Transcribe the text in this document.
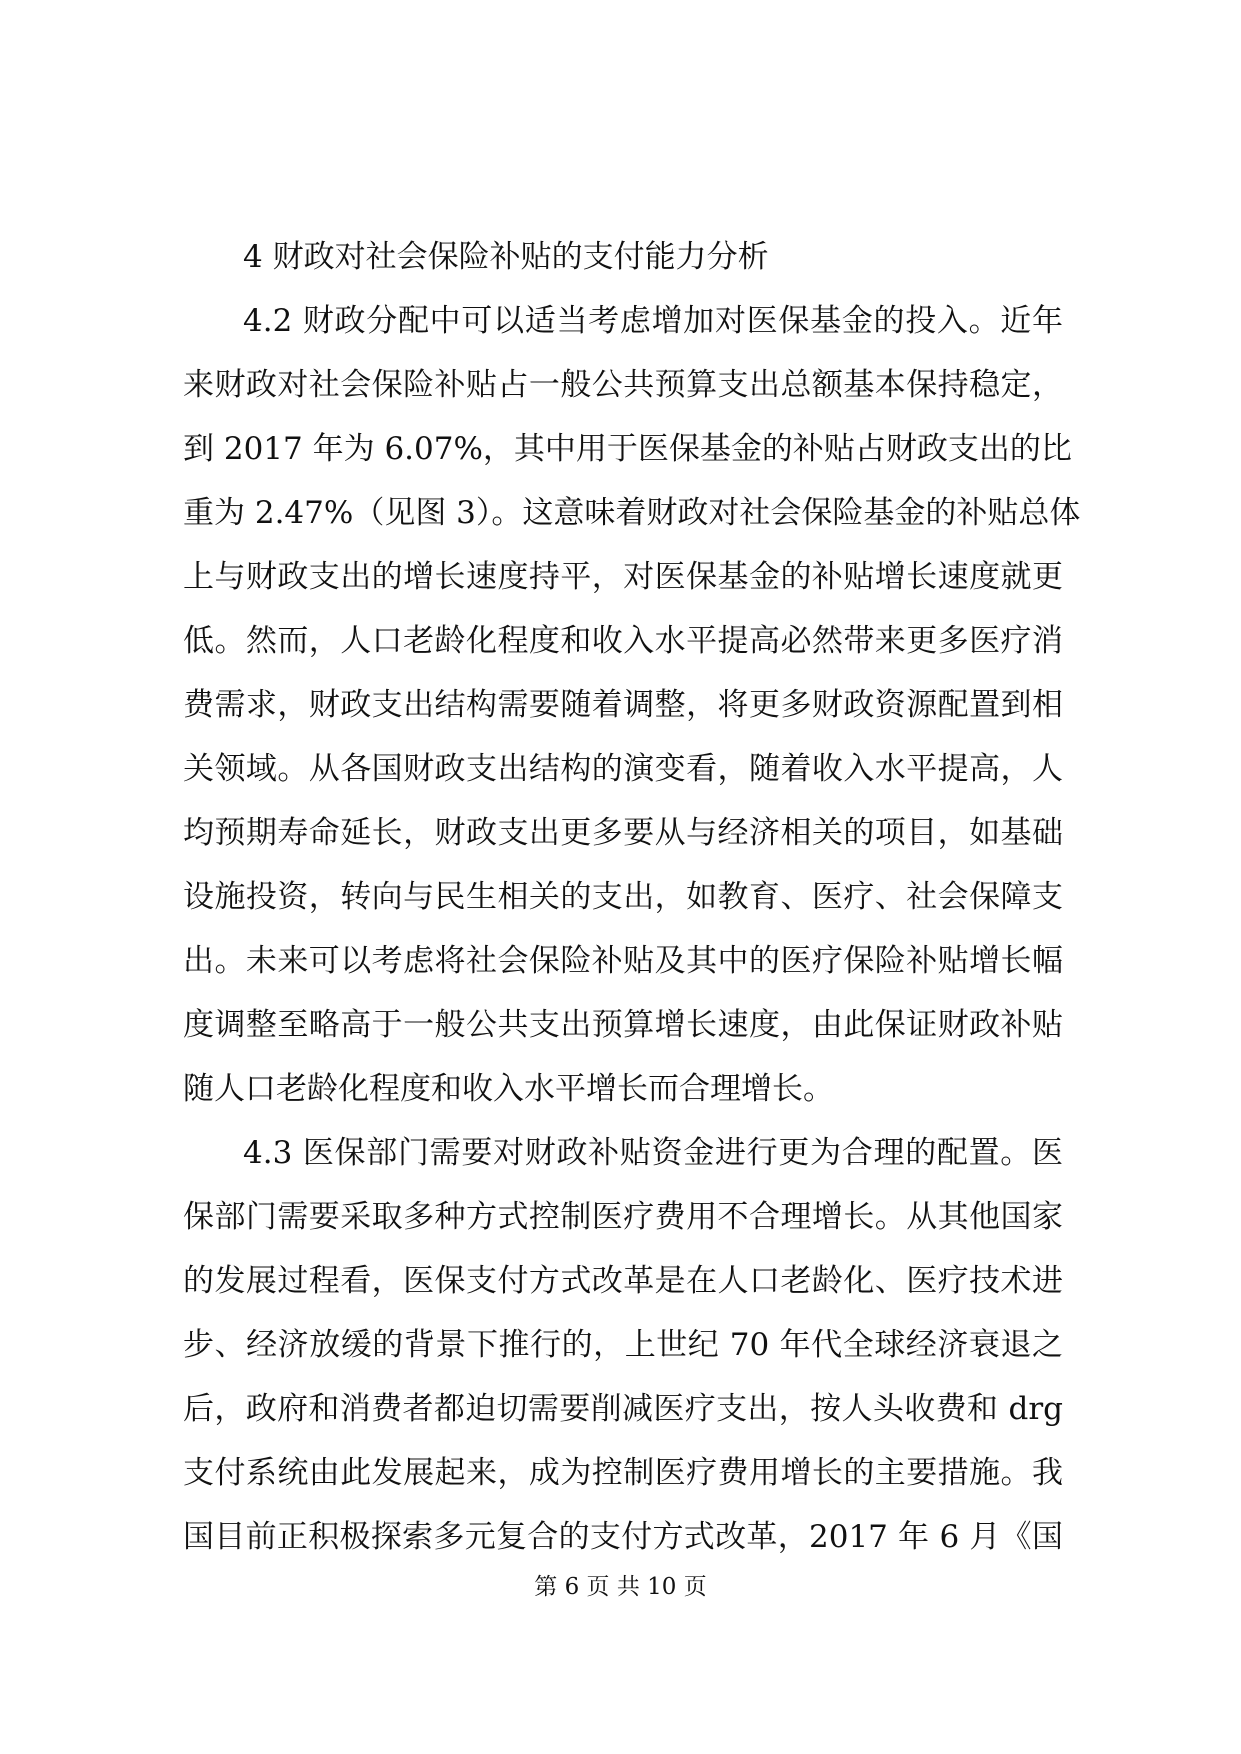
4 财政对社会保险补贴的支付能力分析
4.2 财政分配中可以适当考虑增加对医保基金的投入。近年
来财政对社会保险补贴占一般公共预算支出总额基本保持稳定，
到 2017 年为 6.07%，其中用于医保基金的补贴占财政支出的比
重为 2.47%（见图 3）。这意味着财政对社会保险基金的补贴总体
上与财政支出的增长速度持平，对医保基金的补贴增长速度就更
低。然而，人口老龄化程度和收入水平提高必然带来更多医疗消
费需求，财政支出结构需要随着调整，将更多财政资源配置到相
关领域。从各国财政支出结构的演变看，随着收入水平提高，人
均预期寿命延长，财政支出更多要从与经济相关的项目，如基础
设施投资，转向与民生相关的支出，如教育、医疗、社会保障支
出。未来可以考虑将社会保险补贴及其中的医疗保险补贴增长幅
度调整至略高于一般公共支出预算增长速度，由此保证财政补贴
随人口老龄化程度和收入水平增长而合理增长。
4.3 医保部门需要对财政补贴资金进行更为合理的配置。医
保部门需要采取多种方式控制医疗费用不合理增长。从其他国家
的发展过程看，医保支付方式改革是在人口老龄化、医疗技术进
步、经济放缓的背景下推行的，上世纪 70 年代全球经济衰退之
后，政府和消费者都迫切需要削减医疗支出，按人头收费和 drg
支付系统由此发展起来，成为控制医疗费用增长的主要措施。我
国目前正积极探索多元复合的支付方式改革，2017 年 6 月《国
第 6 页 共 10 页
